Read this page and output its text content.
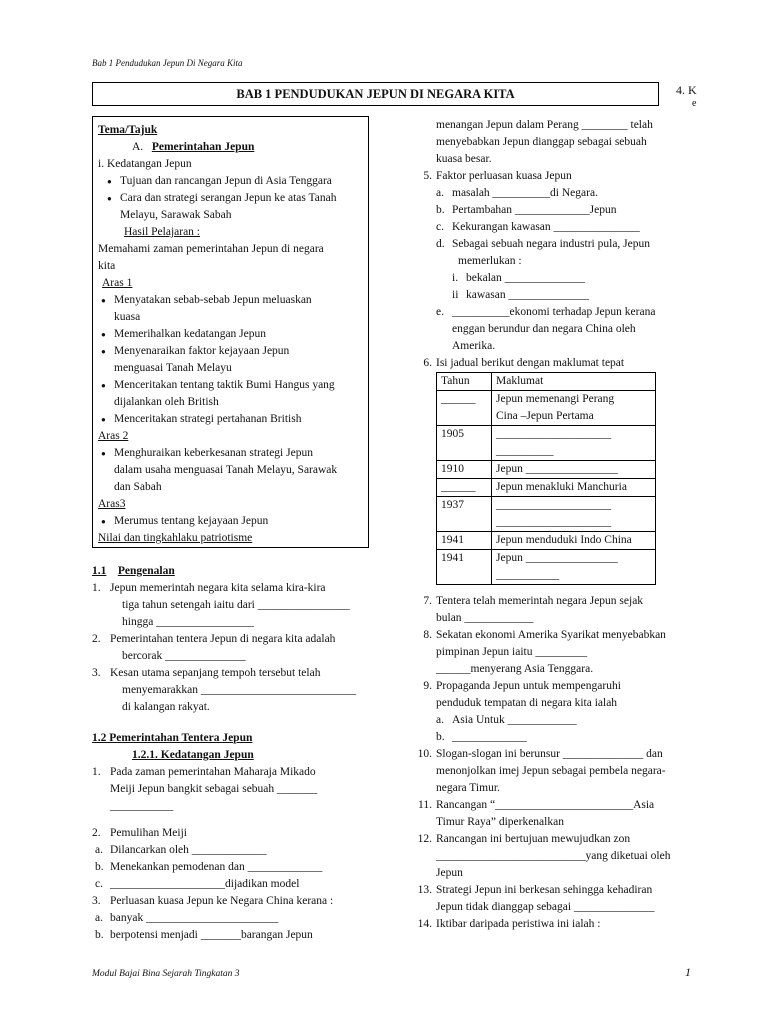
Bab 1 Pendudukan Jepun Di Negara Kita
BAB 1 PENDUDUKAN JEPUN DI NEGARA KITA	4. K
e

Tema/Tajuk

A. Pemerintahan Jepun

i. Kedatangan Jepun

● Tujuan dan rancangan Jepun di Asia Tenggara

● Cara dan strategi serangan Jepun ke atas Tanah
Melayu, Sarawak Sabah

Hasil Pelajaran :

Memahami zaman pemerintahan Jepun di negara
kita

Aras 1

● Menyatakan sebab-sebab Jepun meluaskan
kuasa

● Memerihalkan kedatangan Jepun

● Menyenaraikan faktor kejayaan Jepun
menguasai Tanah Melayu

● Menceritakan tentang taktik Bumi Hangus yang
dijalankan oleh British

● Menceritakan strategi pertahanan British

Aras 2

● Menghuraikan keberkesanan strategi Jepun
dalam usaha menguasai Tanah Melayu, Sarawak
dan Sabah

Aras3

● Merumus tentang kejayaan Jepun

Nilai dan tingkahlaku patriotisme

1.1 Pengenalan

1. Jepun memerintah negara kita selama kira-kira
tiga tahun setengah iaitu dari ________________
hingga _________________

2. Pemerintahan tentera Jepun di negara kita adalah
bercorak ______________

3. Kesan utama sepanjang tempoh tersebut telah
menyemarakkan ___________________________
di kalangan rakyat.

1.2 Pemerintahan Tentera Jepun

1.2.1. Kedatangan Jepun

1. Pada zaman pemerintahan Maharaja Mikado
Meiji Jepun bangkit sebagai sebuah _______
___________

2. Pemulihan Meiji

a. Dilancarkan oleh _____________

b. Menekankan pemodenan dan _____________

c. ____________________dijadikan model

3. Perluasan kuasa Jepun ke Negara China kerana :

a. banyak _______________________

b. berpotensi menjadi _______barangan Jepun

menangan Jepun dalam Perang ________ telah
menyebabkan Jepun dianggap sebagai sebuah
kuasa besar.

5. Faktor perluasan kuasa Jepun

a. masalah __________di Negara.

b. Pertambahan _____________Jepun

c. Kekurangan kawasan _______________

d. Sebagai sebuah negara industri pula, Jepun
memerlukan :

i. bekalan ______________

ii kawasan ______________

e. __________ekonomi terhadap Jepun kerana
enggan berundur dan negara China oleh
Amerika.

6. Isi jadual berikut dengan maklumat tepat

Tahun	Maklumat
______	Jepun memenangi Perang
Cina –Jepun Pertama
1905	____________________
__________
1910	Jepun ________________
______	Jepun menakluki Manchuria
1937	____________________
____________________
1941	Jepun menduduki Indo China
1941	Jepun ________________
___________

7. Tentera telah memerintah negara Jepun sejak
bulan ____________

8. Sekatan ekonomi Amerika Syarikat menyebabkan
pimpinan Jepun iaitu _________
______menyerang Asia Tenggara.

9. Propaganda Jepun untuk mempengaruhi
penduduk tempatan di negara kita ialah

a. Asia Untuk ____________

b. _____________

10. Slogan-slogan ini berunsur ______________ dan
menonjolkan imej Jepun sebagai pembela negara-
negara Timur.

11. Rancangan “________________________Asia
Timur Raya” diperkenalkan

12. Rancangan ini bertujuan mewujudkan zon
__________________________yang diketuai oleh
Jepun

13. Strategi Jepun ini berkesan sehingga kehadiran
Jepun tidak dianggap sebagai ______________

14. Iktibar daripada peristiwa ini ialah :

Modul Bajai Bina Sejarah Tingkatan 3	1
